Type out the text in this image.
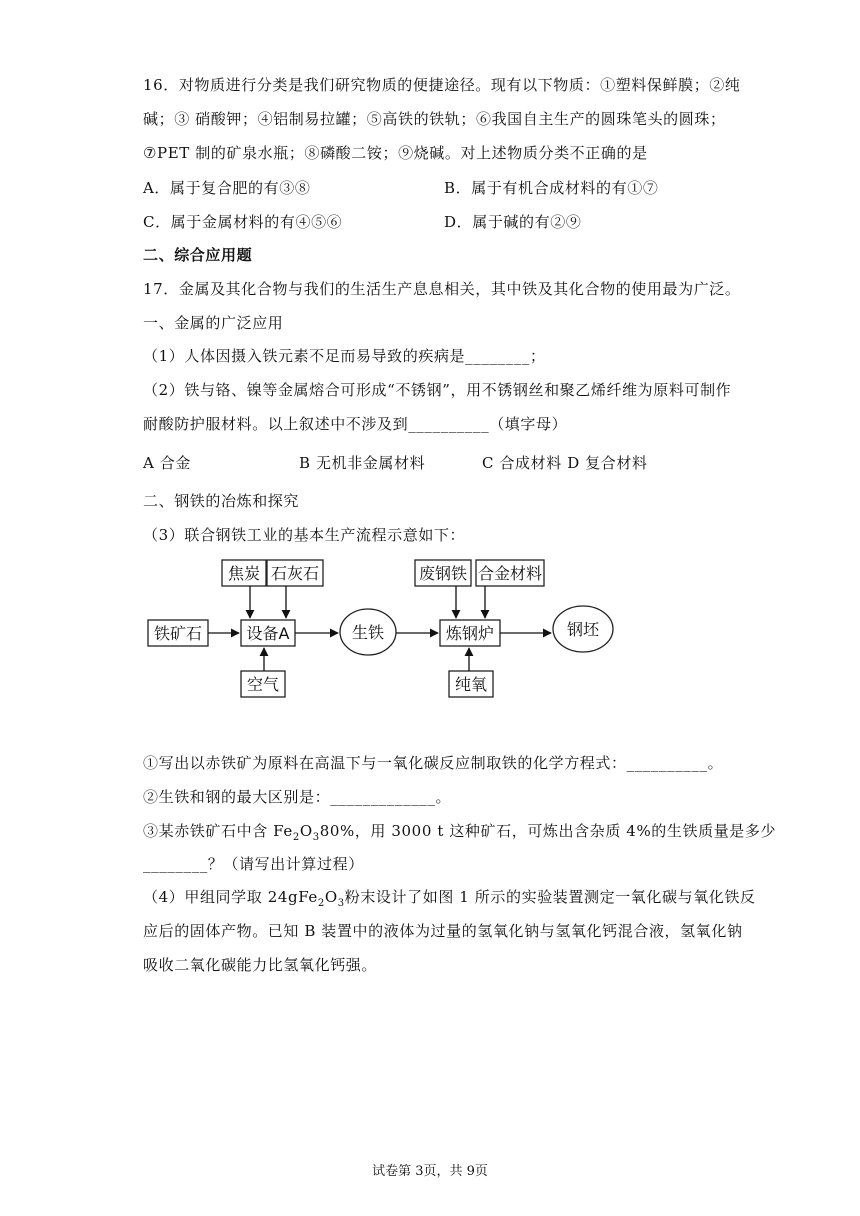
16．对物质进行分类是我们研究物质的便捷途径。现有以下物质：①塑料保鲜膜；②纯
碱；③ 硝酸钾；④铝制易拉罐；⑤高铁的铁轨；⑥我国自主生产的圆珠笔头的圆珠；
⑦PET 制的矿泉水瓶；⑧磷酸二铵；⑨烧碱。对上述物质分类不正确的是
A．属于复合肥的有③⑧	B．属于有机合成材料的有①⑦
C．属于金属材料的有④⑤⑥	D．属于碱的有②⑨
二、综合应用题
17．金属及其化合物与我们的生活生产息息相关，其中铁及其化合物的使用最为广泛。
一、金属的广泛应用
（1）人体因摄入铁元素不足而易导致的疾病是________；
（2）铁与铬、镍等金属熔合可形成“不锈钢”，用不锈钢丝和聚乙烯纤维为原料可制作
耐酸防护服材料。以上叙述中不涉及到__________（填字母）
A 合金	B 无机非金属材料	C 合成材料 D 复合材料
二、钢铁的冶炼和探究
（3）联合钢铁工业的基本生产流程示意如下：
焦炭 石灰石
铁矿石	设备A
空气
生铁
废钢铁 合金材料
炼钢炉
纯氧
钢坯
①写出以赤铁矿为原料在高温下与一氧化碳反应制取铁的化学方程式：__________。
②生铁和钢的最大区别是：_____________。
③某赤铁矿石中含 $Fe_2O_380\%$，用 3000 t 这种矿石，可炼出含杂质 4%的生铁质量是多少
________？（请写出计算过程）
（4）甲组同学取 $24gFe_2O_3$粉末设计了如图 1 所示的实验装置测定一氧化碳与氧化铁反
应后的固体产物。已知 B 装置中的液体为过量的氢氧化钠与氢氧化钙混合液，氢氧化钠
吸收二氧化碳能力比氢氧化钙强。
试卷第 3页，共 9页
